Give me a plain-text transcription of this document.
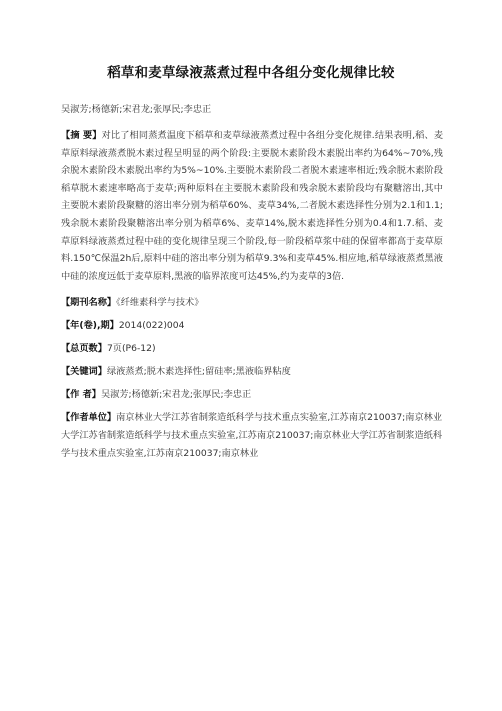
稻草和麦草绿液蒸煮过程中各组分变化规律比较
吴淑芳;杨德新;宋君龙;张厚民;李忠正
【摘 要】对比了相同蒸煮温度下稻草和麦草绿液蒸煮过程中各组分变化规律.结果表明,稻、麦草原料绿液蒸煮脱木素过程呈明显的两个阶段:主要脱木素阶段木素脱出率约为64%~70%,残余脱木素阶段木素脱出率约为5%~10%.主要脱木素阶段二者脱木素速率相近;残余脱木素阶段稻草脱木素速率略高于麦草;两种原料在主要脱木素阶段和残余脱木素阶段均有聚糖溶出,其中主要脱木素阶段聚糖的溶出率分别为稻草60%、麦草34%,二者脱木素选择性分别为2.1和1.1;残余脱木素阶段聚糖溶出率分别为稻草6%、麦草14%,脱木素选择性分别为0.4和1.7.稻、麦草原料绿液蒸煮过程中硅的变化规律呈现三个阶段,每一阶段稻草浆中硅的保留率都高于麦草原料.150℃保温2h后,原料中硅的溶出率分别为稻草9.3%和麦草45%.相应地,稻草绿液蒸煮黑液中硅的浓度远低于麦草原料,黑液的临界浓度可达45%,约为麦草的3倍.
【期刊名称】《纤维素科学与技术》
【年(卷),期】2014(022)004
【总页数】7页(P6-12)
【关键词】绿液蒸煮;脱木素选择性;留硅率;黑液临界粘度
【作 者】吴淑芳;杨德新;宋君龙;张厚民;李忠正
【作者单位】南京林业大学江苏省制浆造纸科学与技术重点实验室,江苏南京210037;南京林业大学江苏省制浆造纸科学与技术重点实验室,江苏南京210037;南京林业大学江苏省制浆造纸科学与技术重点实验室,江苏南京210037;南京林业
